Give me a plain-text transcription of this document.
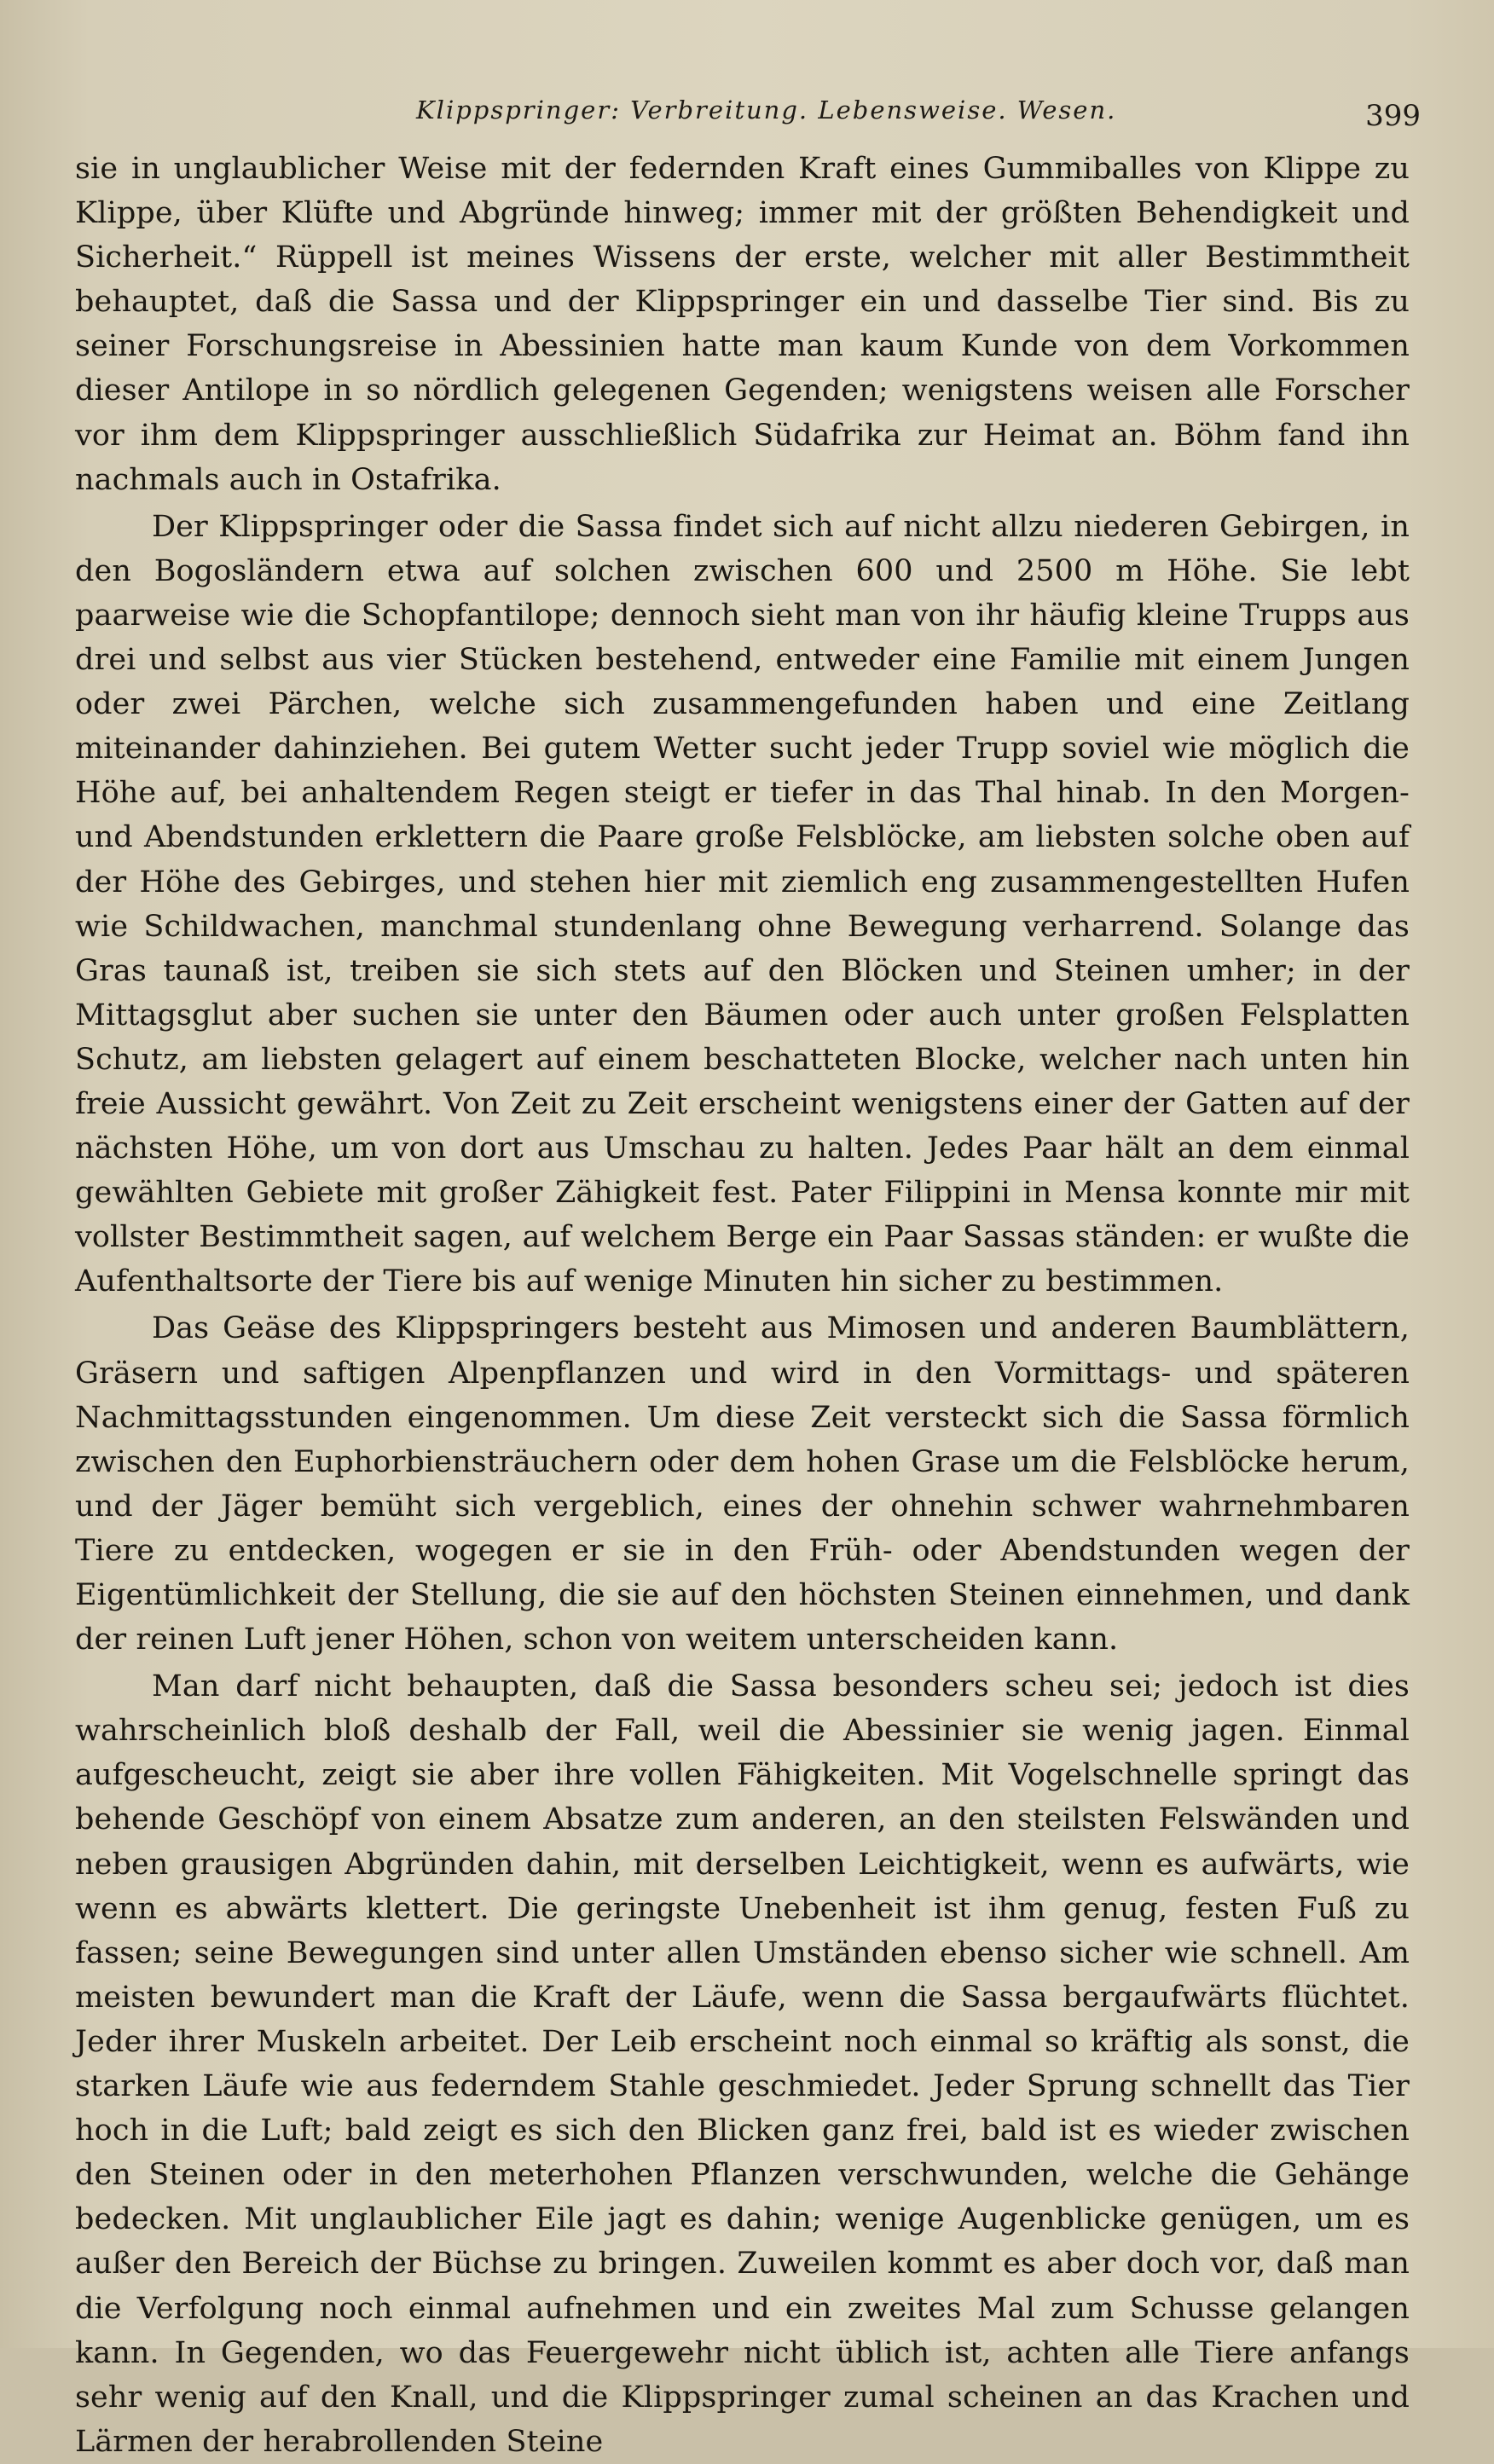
Klippspringer: Verbreitung. Lebensweise. Wesen.	399

sie in unglaublicher Weise mit der federnden Kraft eines Gummiballes von Klippe zu Klippe, über Klüfte und Abgründe hinweg; immer mit der größten Behendigkeit und Sicherheit.“ Rüppell ist meines Wissens der erste, welcher mit aller Bestimmtheit behauptet, daß die Sassa und der Klippspringer ein und dasselbe Tier sind. Bis zu seiner Forschungsreise in Abessinien hatte man kaum Kunde von dem Vorkommen dieser Antilope in so nördlich gelegenen Gegenden; wenigstens weisen alle Forscher vor ihm dem Klippspringer ausschließlich Südafrika zur Heimat an. Böhm fand ihn nachmals auch in Ostafrika.

Der Klippspringer oder die Sassa findet sich auf nicht allzu niederen Gebirgen, in den Bogosländern etwa auf solchen zwischen 600 und 2500 m Höhe. Sie lebt paarweise wie die Schopfantilope; dennoch sieht man von ihr häufig kleine Trupps aus drei und selbst aus vier Stücken bestehend, entweder eine Familie mit einem Jungen oder zwei Pärchen, welche sich zusammengefunden haben und eine Zeitlang miteinander dahinziehen. Bei gutem Wetter sucht jeder Trupp soviel wie möglich die Höhe auf, bei anhaltendem Regen steigt er tiefer in das Thal hinab. In den Morgen- und Abendstunden erklettern die Paare große Felsblöcke, am liebsten solche oben auf der Höhe des Gebirges, und stehen hier mit ziemlich eng zusammengestellten Hufen wie Schildwachen, manchmal stundenlang ohne Bewegung verharrend. Solange das Gras taunaß ist, treiben sie sich stets auf den Blöcken und Steinen umher; in der Mittagsglut aber suchen sie unter den Bäumen oder auch unter großen Felsplatten Schutz, am liebsten gelagert auf einem beschatteten Blocke, welcher nach unten hin freie Aussicht gewährt. Von Zeit zu Zeit erscheint wenigstens einer der Gatten auf der nächsten Höhe, um von dort aus Umschau zu halten. Jedes Paar hält an dem einmal gewählten Gebiete mit großer Zähigkeit fest. Pater Filippini in Mensa konnte mir mit vollster Bestimmtheit sagen, auf welchem Berge ein Paar Sassas ständen: er wußte die Aufenthaltsorte der Tiere bis auf wenige Minuten hin sicher zu bestimmen.

Das Geäse des Klippspringers besteht aus Mimosen und anderen Baumblättern, Gräsern und saftigen Alpenpflanzen und wird in den Vormittags- und späteren Nachmittagsstunden eingenommen. Um diese Zeit versteckt sich die Sassa förmlich zwischen den Euphorbiensträuchern oder dem hohen Grase um die Felsblöcke herum, und der Jäger bemüht sich vergeblich, eines der ohnehin schwer wahrnehmbaren Tiere zu entdecken, wogegen er sie in den Früh- oder Abendstunden wegen der Eigentümlichkeit der Stellung, die sie auf den höchsten Steinen einnehmen, und dank der reinen Luft jener Höhen, schon von weitem unterscheiden kann.

Man darf nicht behaupten, daß die Sassa besonders scheu sei; jedoch ist dies wahrscheinlich bloß deshalb der Fall, weil die Abessinier sie wenig jagen. Einmal aufgescheucht, zeigt sie aber ihre vollen Fähigkeiten. Mit Vogelschnelle springt das behende Geschöpf von einem Absatze zum anderen, an den steilsten Felswänden und neben grausigen Abgründen dahin, mit derselben Leichtigkeit, wenn es aufwärts, wie wenn es abwärts klettert. Die geringste Unebenheit ist ihm genug, festen Fuß zu fassen; seine Bewegungen sind unter allen Umständen ebenso sicher wie schnell. Am meisten bewundert man die Kraft der Läufe, wenn die Sassa bergaufwärts flüchtet. Jeder ihrer Muskeln arbeitet. Der Leib erscheint noch einmal so kräftig als sonst, die starken Läufe wie aus federndem Stahle geschmiedet. Jeder Sprung schnellt das Tier hoch in die Luft; bald zeigt es sich den Blicken ganz frei, bald ist es wieder zwischen den Steinen oder in den meterhohen Pflanzen verschwunden, welche die Gehänge bedecken. Mit unglaublicher Eile jagt es dahin; wenige Augenblicke genügen, um es außer den Bereich der Büchse zu bringen. Zuweilen kommt es aber doch vor, daß man die Verfolgung noch einmal aufnehmen und ein zweites Mal zum Schusse gelangen kann. In Gegenden, wo das Feuergewehr nicht üblich ist, achten alle Tiere anfangs sehr wenig auf den Knall, und die Klippspringer zumal scheinen an das Krachen und Lärmen der herabrollenden Steine
